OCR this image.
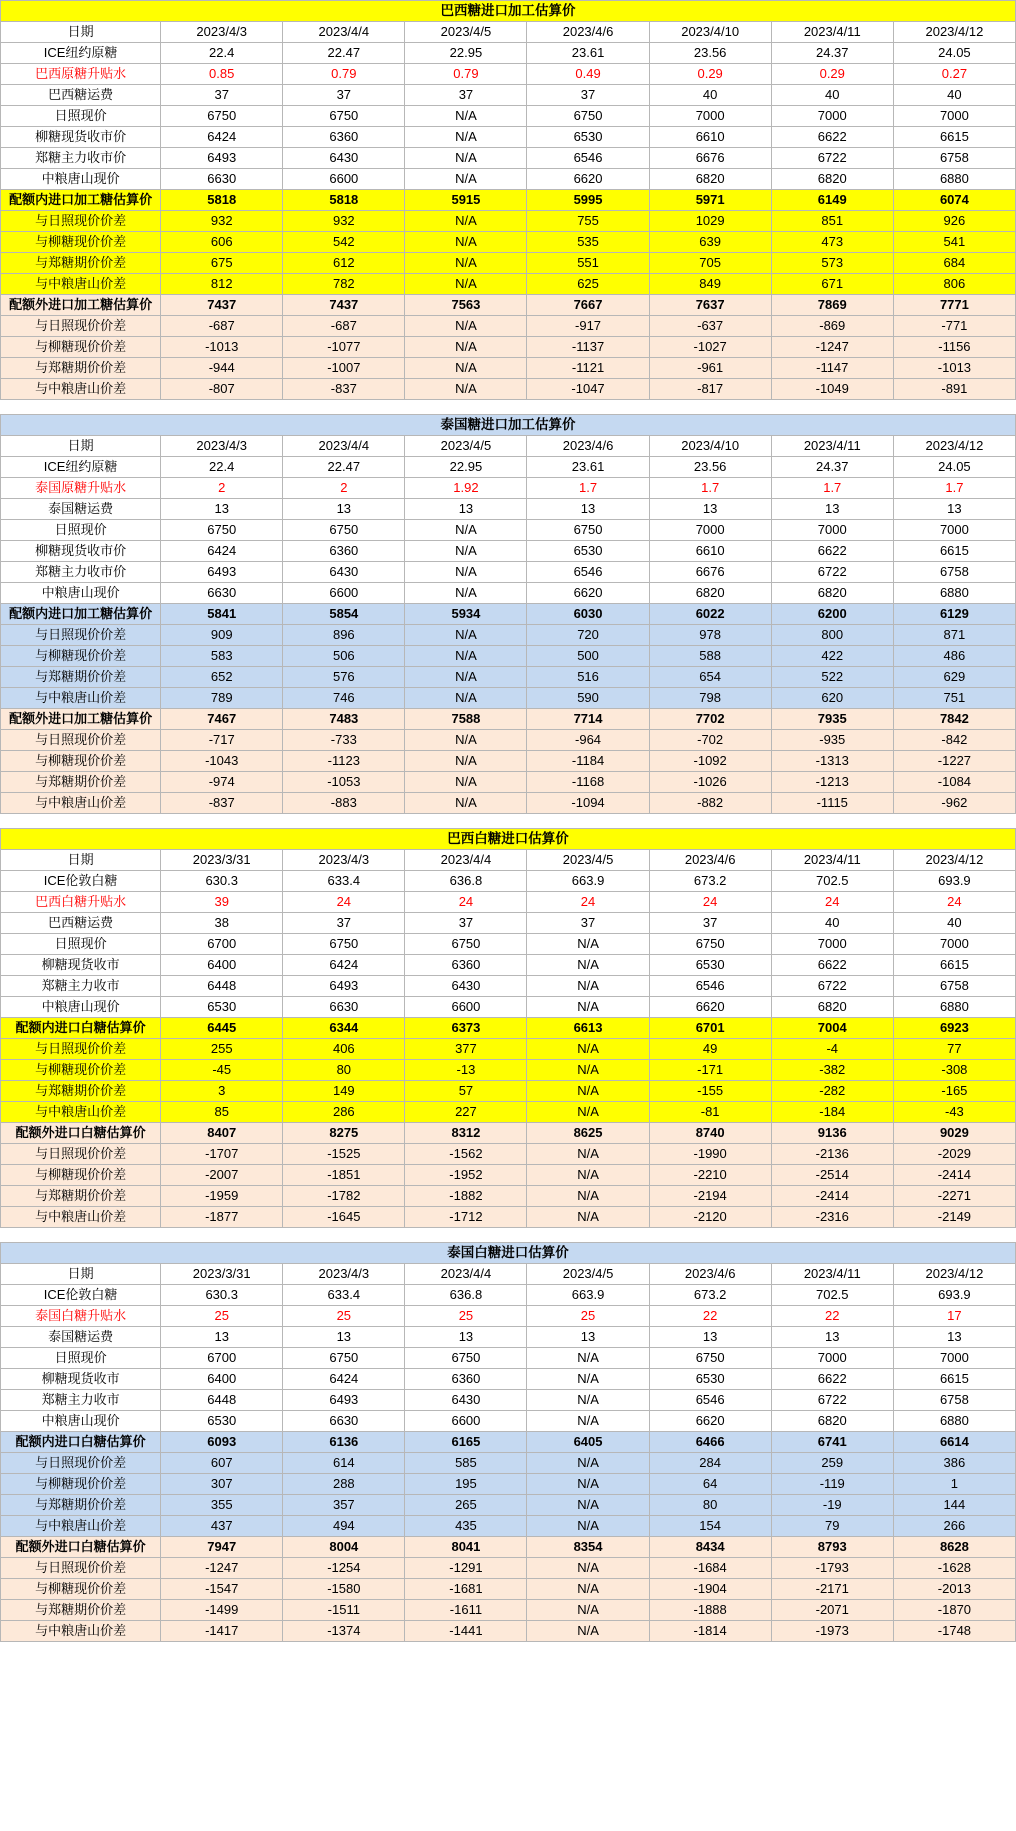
巴西糖进口加工估算价							
日期	2023/4/3	2023/4/4	2023/4/5	2023/4/6	2023/4/10	2023/4/11	2023/4/12
ICE纽约原糖	22.4	22.47	22.95	23.61	23.56	24.37	24.05
巴西原糖升贴水	0.85	0.79	0.79	0.49	0.29	0.29	0.27
巴西糖运费	37	37	37	37	40	40	40
日照现价	6750	6750	N/A	6750	7000	7000	7000
柳糖现货收市价	6424	6360	N/A	6530	6610	6622	6615
郑糖主力收市价	6493	6430	N/A	6546	6676	6722	6758
中粮唐山现价	6630	6600	N/A	6620	6820	6820	6880
配额内进口加工糖估算价	5818	5818	5915	5995	5971	6149	6074
与日照现价价差	932	932	N/A	755	1029	851	926
与柳糖现价价差	606	542	N/A	535	639	473	541
与郑糖期价价差	675	612	N/A	551	705	573	684
与中粮唐山价差	812	782	N/A	625	849	671	806
配额外进口加工糖估算价	7437	7437	7563	7667	7637	7869	7771
与日照现价价差	-687	-687	N/A	-917	-637	-869	-771
与柳糖现价价差	-1013	-1077	N/A	-1137	-1027	-1247	-1156
与郑糖期价价差	-944	-1007	N/A	-1121	-961	-1147	-1013
与中粮唐山价差	-807	-837	N/A	-1047	-817	-1049	-891
泰国糖进口加工估算价							
日期	2023/4/3	2023/4/4	2023/4/5	2023/4/6	2023/4/10	2023/4/11	2023/4/12
ICE纽约原糖	22.4	22.47	22.95	23.61	23.56	24.37	24.05
泰国原糖升贴水	2	2	1.92	1.7	1.7	1.7	1.7
泰国糖运费	13	13	13	13	13	13	13
日照现价	6750	6750	N/A	6750	7000	7000	7000
柳糖现货收市价	6424	6360	N/A	6530	6610	6622	6615
郑糖主力收市价	6493	6430	N/A	6546	6676	6722	6758
中粮唐山现价	6630	6600	N/A	6620	6820	6820	6880
配额内进口加工糖估算价	5841	5854	5934	6030	6022	6200	6129
与日照现价价差	909	896	N/A	720	978	800	871
与柳糖现价价差	583	506	N/A	500	588	422	486
与郑糖期价价差	652	576	N/A	516	654	522	629
与中粮唐山价差	789	746	N/A	590	798	620	751
配额外进口加工糖估算价	7467	7483	7588	7714	7702	7935	7842
与日照现价价差	-717	-733	N/A	-964	-702	-935	-842
与柳糖现价价差	-1043	-1123	N/A	-1184	-1092	-1313	-1227
与郑糖期价价差	-974	-1053	N/A	-1168	-1026	-1213	-1084
与中粮唐山价差	-837	-883	N/A	-1094	-882	-1115	-962
巴西白糖进口估算价							
日期	2023/3/31	2023/4/3	2023/4/4	2023/4/5	2023/4/6	2023/4/11	2023/4/12
ICE伦敦白糖	630.3	633.4	636.8	663.9	673.2	702.5	693.9
巴西白糖升贴水	39	24	24	24	24	24	24
巴西糖运费	38	37	37	37	37	40	40
日照现价	6700	6750	6750	N/A	6750	7000	7000
柳糖现货收市	6400	6424	6360	N/A	6530	6622	6615
郑糖主力收市	6448	6493	6430	N/A	6546	6722	6758
中粮唐山现价	6530	6630	6600	N/A	6620	6820	6880
配额内进口白糖估算价	6445	6344	6373	6613	6701	7004	6923
与日照现价价差	255	406	377	N/A	49	-4	77
与柳糖现价价差	-45	80	-13	N/A	-171	-382	-308
与郑糖期价价差	3	149	57	N/A	-155	-282	-165
与中粮唐山价差	85	286	227	N/A	-81	-184	-43
配额外进口白糖估算价	8407	8275	8312	8625	8740	9136	9029
与日照现价价差	-1707	-1525	-1562	N/A	-1990	-2136	-2029
与柳糖现价价差	-2007	-1851	-1952	N/A	-2210	-2514	-2414
与郑糖期价价差	-1959	-1782	-1882	N/A	-2194	-2414	-2271
与中粮唐山价差	-1877	-1645	-1712	N/A	-2120	-2316	-2149
泰国白糖进口估算价							
日期	2023/3/31	2023/4/3	2023/4/4	2023/4/5	2023/4/6	2023/4/11	2023/4/12
ICE伦敦白糖	630.3	633.4	636.8	663.9	673.2	702.5	693.9
泰国白糖升贴水	25	25	25	25	22	22	17
泰国糖运费	13	13	13	13	13	13	13
日照现价	6700	6750	6750	N/A	6750	7000	7000
柳糖现货收市	6400	6424	6360	N/A	6530	6622	6615
郑糖主力收市	6448	6493	6430	N/A	6546	6722	6758
中粮唐山现价	6530	6630	6600	N/A	6620	6820	6880
配额内进口白糖估算价	6093	6136	6165	6405	6466	6741	6614
与日照现价价差	607	614	585	N/A	284	259	386
与柳糖现价价差	307	288	195	N/A	64	-119	1
与郑糖期价价差	355	357	265	N/A	80	-19	144
与中粮唐山价差	437	494	435	N/A	154	79	266
配额外进口白糖估算价	7947	8004	8041	8354	8434	8793	8628
与日照现价价差	-1247	-1254	-1291	N/A	-1684	-1793	-1628
与柳糖现价价差	-1547	-1580	-1681	N/A	-1904	-2171	-2013
与郑糖期价价差	-1499	-1511	-1611	N/A	-1888	-2071	-1870
与中粮唐山价差	-1417	-1374	-1441	N/A	-1814	-1973	-1748
